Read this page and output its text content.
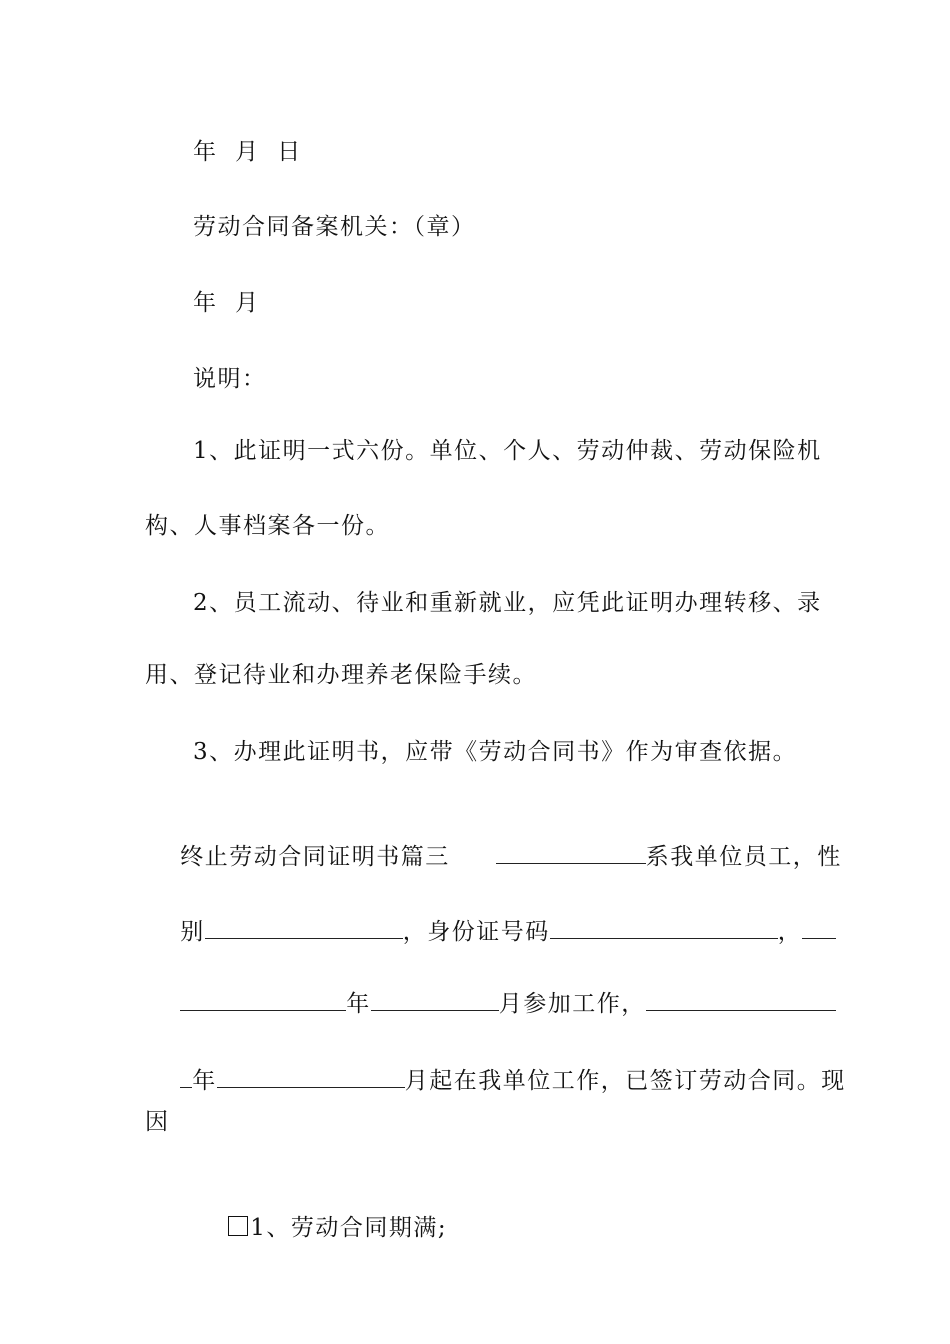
年  月  日
劳动合同备案机关：（章）
年  月
说明：
1、此证明一式六份。单位、个人、劳动仲裁、劳动保险机
构、人事档案各一份。
2、员工流动、待业和重新就业，应凭此证明办理转移、录
用、登记待业和办理养老保险手续。
3、办理此证明书，应带《劳动合同书》作为审查依据。

终止劳动合同证明书篇三	系我单位员工，性

别	，身份证号码	，

年	月参加工作，

年	月起在我单位工作，已签订劳动合同。现

因

1、劳动合同期满;
